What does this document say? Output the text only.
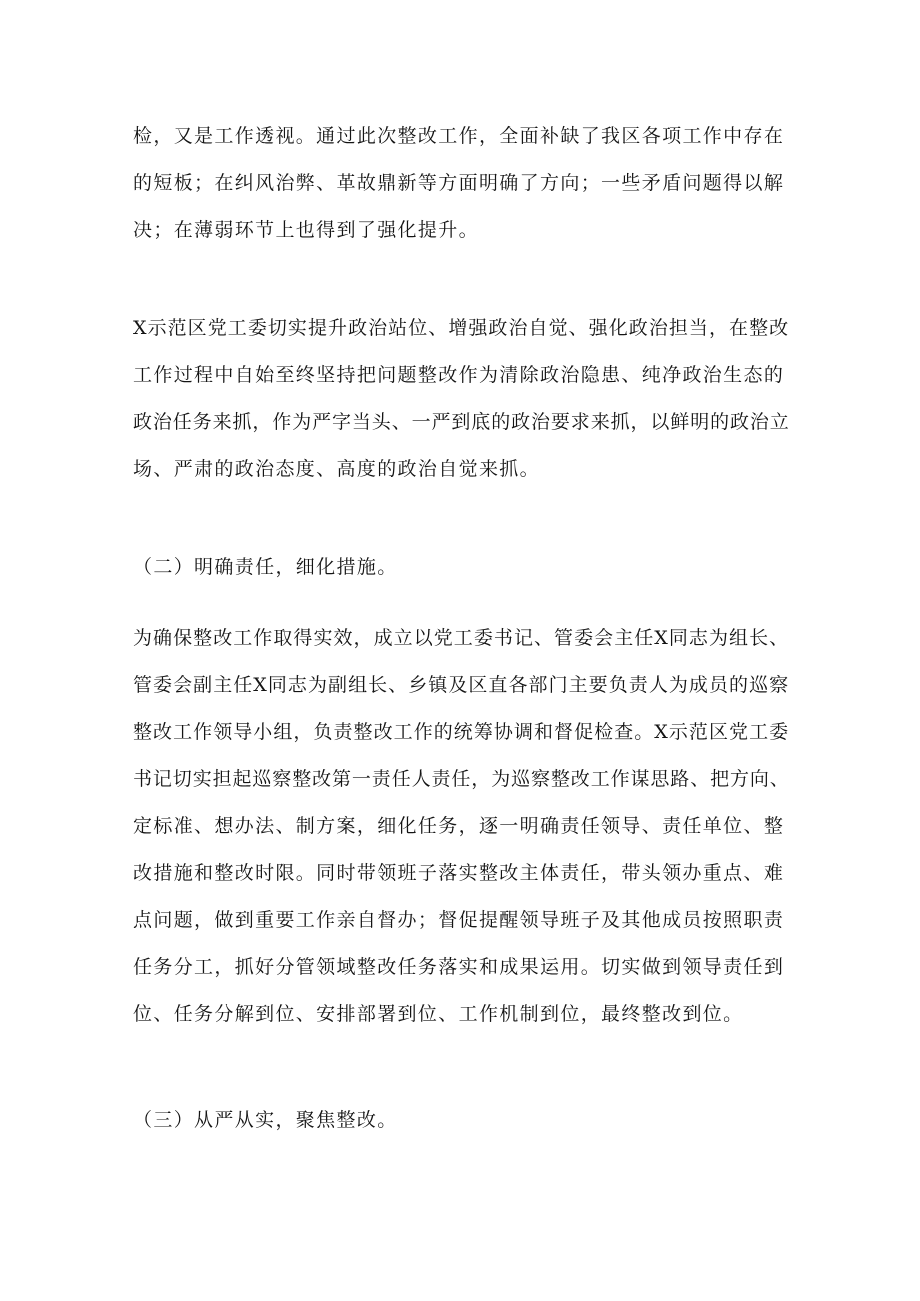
检，又是工作透视。通过此次整改工作，全面补缺了我区各项工作中存在
的短板；在纠风治弊、革故鼎新等方面明确了方向；一些矛盾问题得以解
决；在薄弱环节上也得到了强化提升。
X示范区党工委切实提升政治站位、增强政治自觉、强化政治担当，在整改
工作过程中自始至终坚持把问题整改作为清除政治隐患、纯净政治生态的
政治任务来抓，作为严字当头、一严到底的政治要求来抓，以鲜明的政治立
场、严肃的政治态度、高度的政治自觉来抓。
（二）明确责任，细化措施。
为确保整改工作取得实效，成立以党工委书记、管委会主任X同志为组长、
管委会副主任X同志为副组长、乡镇及区直各部门主要负责人为成员的巡察
整改工作领导小组，负责整改工作的统筹协调和督促检查。X示范区党工委
书记切实担起巡察整改第一责任人责任，为巡察整改工作谋思路、把方向、
定标准、想办法、制方案，细化任务，逐一明确责任领导、责任单位、整
改措施和整改时限。同时带领班子落实整改主体责任，带头领办重点、难
点问题，做到重要工作亲自督办；督促提醒领导班子及其他成员按照职责
任务分工，抓好分管领域整改任务落实和成果运用。切实做到领导责任到
位、任务分解到位、安排部署到位、工作机制到位，最终整改到位。
（三）从严从实，聚焦整改。
